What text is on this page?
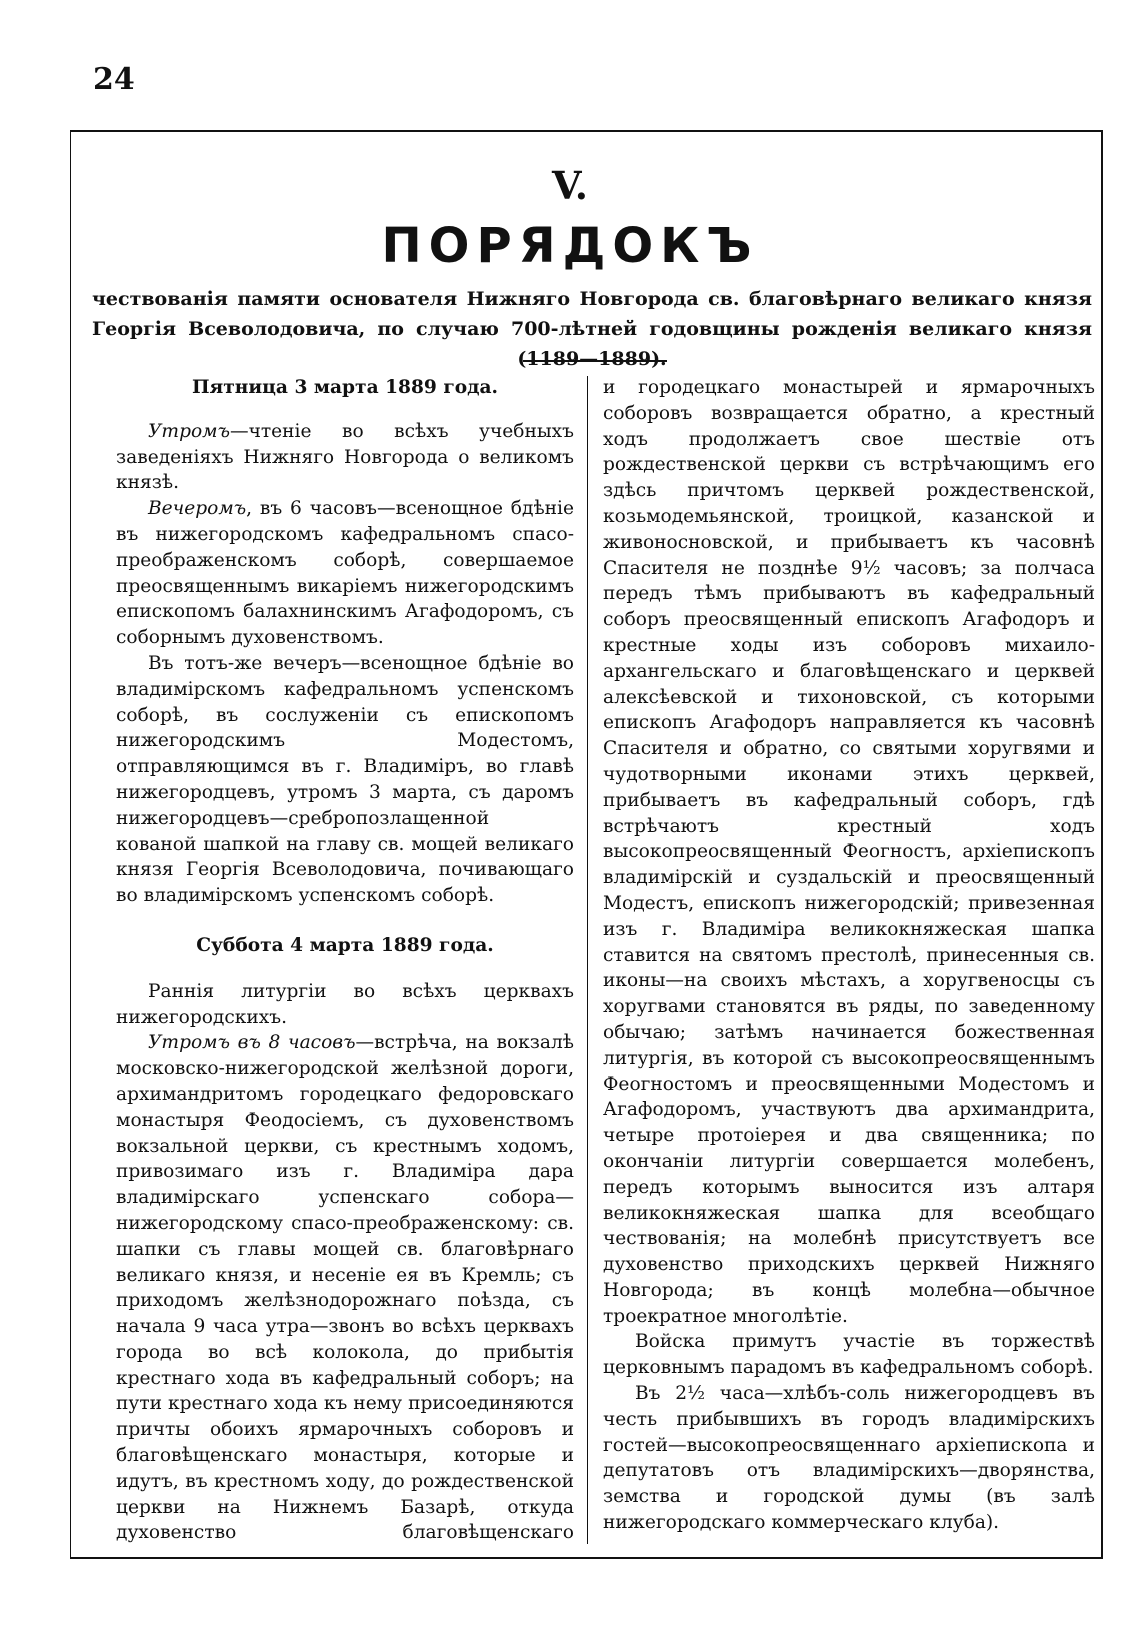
24
V.
ПОРЯДОКЪ
чествованія памяти основателя Нижняго Новгорода св. благовѣрнаго великаго князя Георгія Всеволодовича, по случаю 700-лѣтней годовщины рожденія великаго князя (1189—1889).
Пятница 3 марта 1889 года.

Утромъ—чтеніе во всѣхъ учебныхъ заведеніяхъ Нижняго Новгорода о великомъ князѣ.

Вечеромъ, въ 6 часовъ—всенощное бдѣніе въ нижегородскомъ кафедральномъ спасо-преображенскомъ соборѣ, совершаемое преосвященнымъ викаріемъ нижегородскимъ епископомъ балахнинскимъ Агафодоромъ, съ соборнымъ духовенствомъ.

Въ тотъ-же вечеръ—всенощное бдѣніе во владимірскомъ кафедральномъ успенскомъ соборѣ, въ сослуженіи съ епископомъ нижегородскимъ Модестомъ, отправляющимся въ г. Владиміръ, во главѣ нижегородцевъ, утромъ 3 марта, съ даромъ нижегородцевъ—сребропозлащенной кованой шапкой на главу св. мощей великаго князя Георгія Всеволодовича, почивающаго во владимірскомъ успенскомъ соборѣ.

Суббота 4 марта 1889 года.

Раннія литургіи во всѣхъ церквахъ нижегородскихъ.

Утромъ въ 8 часовъ—встрѣча, на вокзалѣ московско-нижегородской желѣзной дороги, архимандритомъ городецкаго федоровскаго монастыря Феодосіемъ, съ духовенствомъ вокзальной церкви, съ крестнымъ ходомъ, привозимаго изъ г. Владиміра дара владимірскаго успенскаго собора—нижегородскому спасо-преображенскому: св. шапки съ главы мощей св. благовѣрнаго великаго князя, и несеніе ея въ Кремль; съ приходомъ желѣзнодорожнаго поѣзда, съ начала 9 часа утра—звонъ во всѣхъ церквахъ города во всѣ колокола, до прибытія крестнаго хода въ кафедральный соборъ; на пути крестнаго хода къ нему присоединяются причты обоихъ ярмарочныхъ соборовъ и благовѣщенскаго монастыря, которые и идутъ, въ крестномъ ходу, до рождественской церкви на Нижнемъ Базарѣ, откуда духовенство благовѣщенскаго

и городецкаго монастырей и ярмарочныхъ соборовъ возвращается обратно, а крестный ходъ продолжаетъ свое шествіе отъ рождественской церкви съ встрѣчающимъ его здѣсь причтомъ церквей рождественской, козьмодемьянской, троицкой, казанской и живоносновской, и прибываетъ къ часовнѣ Спасителя не позднѣе 9½ часовъ; за полчаса передъ тѣмъ прибываютъ въ кафедральный соборъ преосвященный епископъ Агафодоръ и крестные ходы изъ соборовъ михаило-архангельскаго и благовѣщенскаго и церквей алексѣевской и тихоновской, съ которыми епископъ Агафодоръ направляется къ часовнѣ Спасителя и обратно, со святыми хоругвями и чудотворными иконами этихъ церквей, прибываетъ въ кафедральный соборъ, гдѣ встрѣчаютъ крестный ходъ высокопреосвященный Феогностъ, архіепископъ владимірскій и суздальскій и преосвященный Модестъ, епископъ нижегородскій; привезенная изъ г. Владиміра великокняжеская шапка ставится на святомъ престолѣ, принесенныя св. иконы—на своихъ мѣстахъ, а хоругвеносцы съ хоругвами становятся въ ряды, по заведенному обычаю; затѣмъ начинается божественная литургія, въ которой съ высокопреосвященнымъ Феогностомъ и преосвященными Модестомъ и Агафодоромъ, участвуютъ два архимандрита, четыре протоіерея и два священника; по окончаніи литургіи совершается молебенъ, передъ которымъ выносится изъ алтаря великокняжеская шапка для всеобщаго чествованія; на молебнѣ присутствуетъ все духовенство приходскихъ церквей Нижняго Новгорода; въ концѣ молебна—обычное троекратное многолѣтіе.

Войска примутъ участіе въ торжествѣ церковнымъ парадомъ въ кафедральномъ соборѣ.

Въ 2½ часа—хлѣбъ-соль нижегородцевъ въ честь прибывшихъ въ городъ владимірскихъ гостей—высокопреосвященнаго архіепископа и депутатовъ отъ владимірскихъ—дворянства, земства и городской думы (въ залѣ нижегородскаго коммерческаго клуба).
